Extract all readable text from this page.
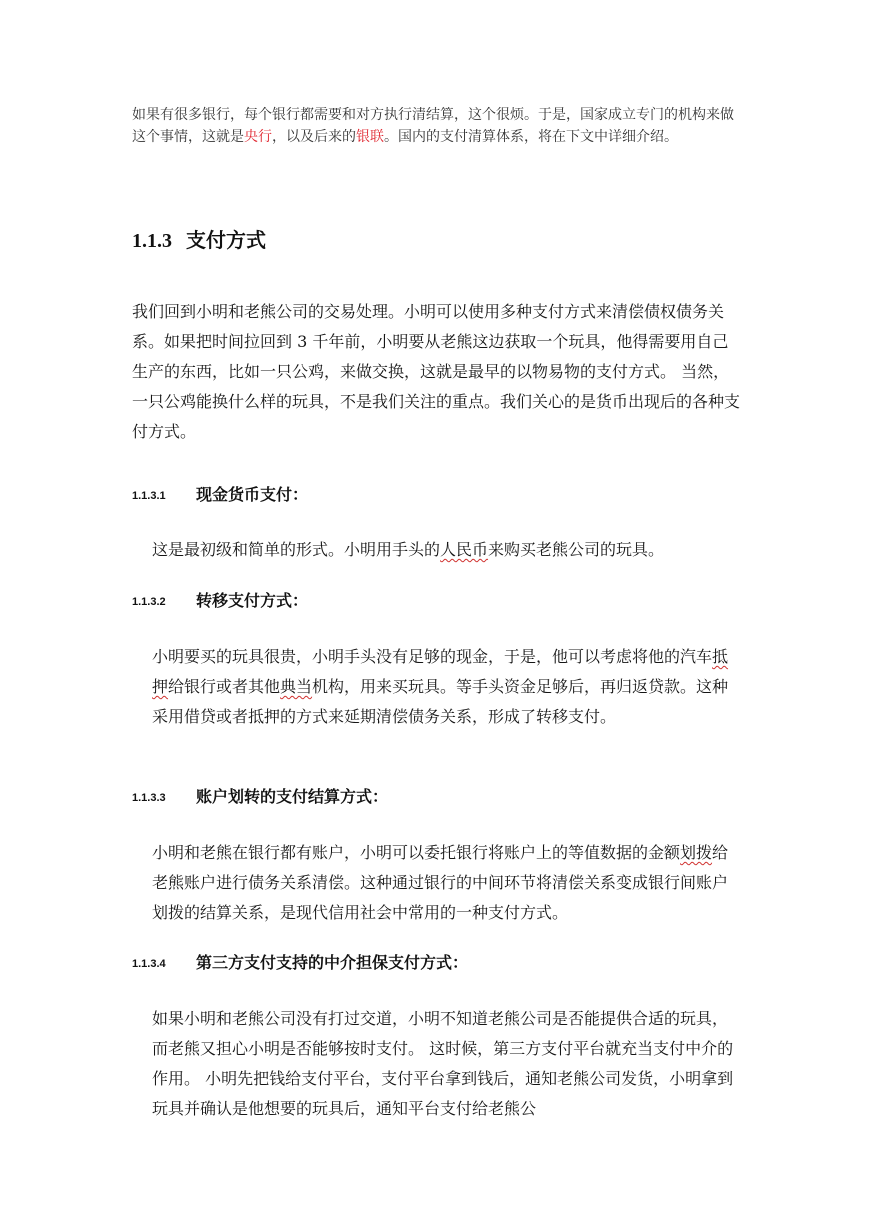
如果有很多银行，每个银行都需要和对方执行清结算，这个很烦。于是，国家成立专门的机构来做这个事情，这就是央行，以及后来的银联。国内的支付清算体系，将在下文中详细介绍。

1.1.3 支付方式

我们回到小明和老熊公司的交易处理。小明可以使用多种支付方式来清偿债权债务关系。如果把时间拉回到 3 千年前，小明要从老熊这边获取一个玩具，他得需要用自己生产的东西，比如一只公鸡，来做交换，这就是最早的以物易物的支付方式。 当然，一只公鸡能换什么样的玩具，不是我们关注的重点。我们关心的是货币出现后的各种支付方式。

1.1.3.1 现金货币支付：

这是最初级和简单的形式。小明用手头的人民币来购买老熊公司的玩具。

1.1.3.2 转移支付方式：

小明要买的玩具很贵，小明手头没有足够的现金，于是，他可以考虑将他的汽车抵押给银行或者其他典当机构，用来买玩具。等手头资金足够后，再归返贷款。这种采用借贷或者抵押的方式来延期清偿债务关系，形成了转移支付。

1.1.3.3 账户划转的支付结算方式：

小明和老熊在银行都有账户，小明可以委托银行将账户上的等值数据的金额划拨给老熊账户进行债务关系清偿。这种通过银行的中间环节将清偿关系变成银行间账户划拨的结算关系，是现代信用社会中常用的一种支付方式。

1.1.3.4 第三方支付支持的中介担保支付方式：

如果小明和老熊公司没有打过交道，小明不知道老熊公司是否能提供合适的玩具，而老熊又担心小明是否能够按时支付。 这时候，第三方支付平台就充当支付中介的作用。 小明先把钱给支付平台，支付平台拿到钱后，通知老熊公司发货，小明拿到玩具并确认是他想要的玩具后，通知平台支付给老熊公
